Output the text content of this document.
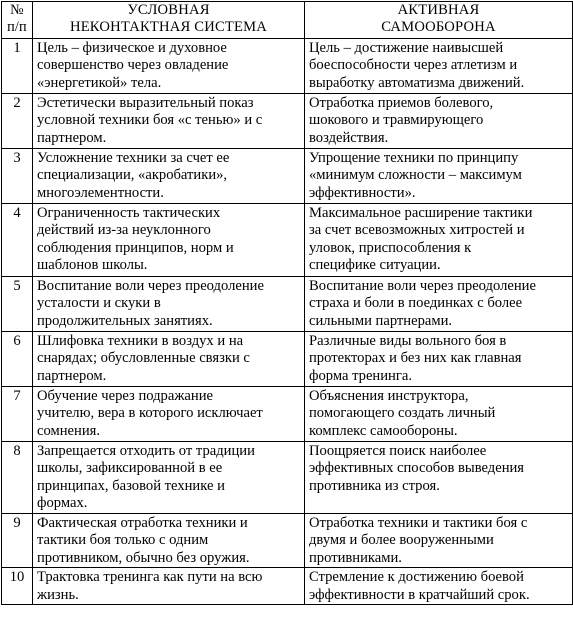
№
п/п	УСЛОВНАЯ
НЕКОНТАКТНАЯ СИСТЕМА	АКТИВНАЯ
САМООБОРОНА

1	Цель – физическое и духовное
совершенство через овладение
«энергетикой» тела.	Цель – достижение наивысшей
боеспособности через атлетизм и
выработку автоматизма движений.

2	Эстетически выразительный показ
условной техники боя «с тенью» и с
партнером.	Отработка приемов болевого,
шокового и травмирующего
воздействия.

3	Усложнение техники за счет ее
специализации, «акробатики»,
многоэлементности.	Упрощение техники по принципу
«минимум сложности – максимум
эффективности».

4	Ограниченность тактических
действий из-за неуклонного
соблюдения принципов, норм и
шаблонов школы.	Максимальное расширение тактики
за счет всевозможных хитростей и
уловок, приспособления к
специфике ситуации.

5	Воспитание воли через преодоление
усталости и скуки в
продолжительных занятиях.	Воспитание воли через преодоление
страха и боли в поединках с более
сильными партнерами.

6	Шлифовка техники в воздух и на
снарядах; обусловленные связки с
партнером.	Различные виды вольного боя в
протекторах и без них как главная
форма тренинга.

7	Обучение через подражание
учителю, вера в которого исключает
сомнения.	Объяснения инструктора,
помогающего создать личный
комплекс самообороны.

8	Запрещается отходить от традиции
школы, зафиксированной в ее
принципах, базовой технике и
формах.	Поощряется поиск наиболее
эффективных способов выведения
противника из строя.

9	Фактическая отработка техники и
тактики боя только с одним
противником, обычно без оружия.	Отработка техники и тактики боя с
двумя и более вооруженными
противниками.

10	Трактовка тренинга как пути на всю
жизнь.	Стремление к достижению боевой
эффективности в кратчайший срок.
